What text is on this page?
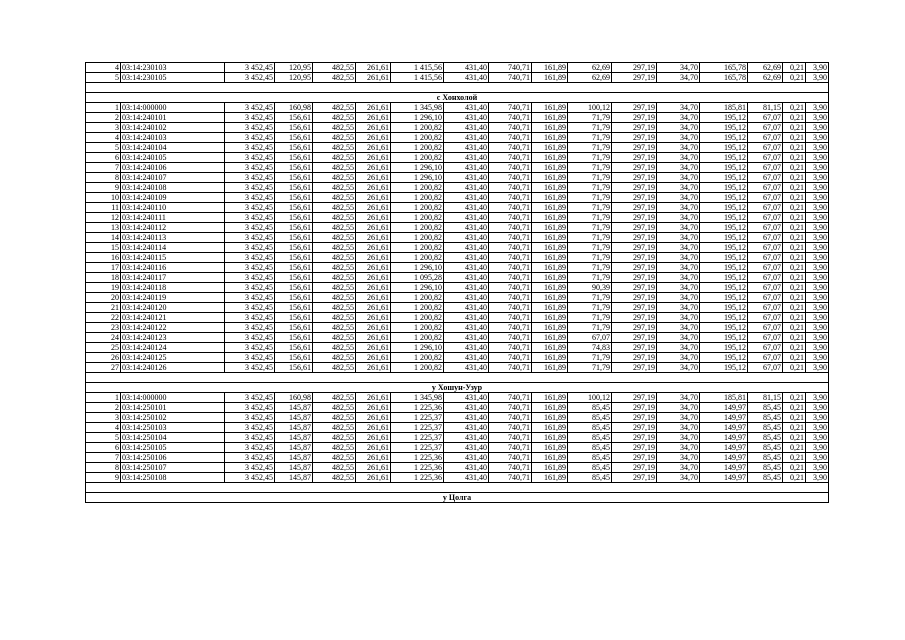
4	03:14:230103	3 452,45	120,95	482,55	261,61	1 415,56	431,40	740,71	161,89	62,69	297,19	34,70	165,78	62,69	0,21	3,90
5	03:14:230105	3 452,45	120,95	482,55	261,61	1 415,56	431,40	740,71	161,89	62,69	297,19	34,70	165,78	62,69	0,21	3,90

с Хонхолой																
1	03:14:000000	3 452,45	160,98	482,55	261,61	1 345,98	431,40	740,71	161,89	100,12	297,19	34,70	185,81	81,15	0,21	3,90
2	03:14:240101	3 452,45	156,61	482,55	261,61	1 296,10	431,40	740,71	161,89	71,79	297,19	34,70	195,12	67,07	0,21	3,90
3	03:14:240102	3 452,45	156,61	482,55	261,61	1 200,82	431,40	740,71	161,89	71,79	297,19	34,70	195,12	67,07	0,21	3,90
4	03:14:240103	3 452,45	156,61	482,55	261,61	1 200,82	431,40	740,71	161,89	71,79	297,19	34,70	195,12	67,07	0,21	3,90
5	03:14:240104	3 452,45	156,61	482,55	261,61	1 200,82	431,40	740,71	161,89	71,79	297,19	34,70	195,12	67,07	0,21	3,90
6	03:14:240105	3 452,45	156,61	482,55	261,61	1 200,82	431,40	740,71	161,89	71,79	297,19	34,70	195,12	67,07	0,21	3,90
7	03:14:240106	3 452,45	156,61	482,55	261,61	1 296,10	431,40	740,71	161,89	71,79	297,19	34,70	195,12	67,07	0,21	3,90
8	03:14:240107	3 452,45	156,61	482,55	261,61	1 296,10	431,40	740,71	161,89	71,79	297,19	34,70	195,12	67,07	0,21	3,90
9	03:14:240108	3 452,45	156,61	482,55	261,61	1 200,82	431,40	740,71	161,89	71,79	297,19	34,70	195,12	67,07	0,21	3,90
10	03:14:240109	3 452,45	156,61	482,55	261,61	1 200,82	431,40	740,71	161,89	71,79	297,19	34,70	195,12	67,07	0,21	3,90
11	03:14:240110	3 452,45	156,61	482,55	261,61	1 200,82	431,40	740,71	161,89	71,79	297,19	34,70	195,12	67,07	0,21	3,90
12	03:14:240111	3 452,45	156,61	482,55	261,61	1 200,82	431,40	740,71	161,89	71,79	297,19	34,70	195,12	67,07	0,21	3,90
13	03:14:240112	3 452,45	156,61	482,55	261,61	1 200,82	431,40	740,71	161,89	71,79	297,19	34,70	195,12	67,07	0,21	3,90
14	03:14:240113	3 452,45	156,61	482,55	261,61	1 200,82	431,40	740,71	161,89	71,79	297,19	34,70	195,12	67,07	0,21	3,90
15	03:14:240114	3 452,45	156,61	482,55	261,61	1 200,82	431,40	740,71	161,89	71,79	297,19	34,70	195,12	67,07	0,21	3,90
16	03:14:240115	3 452,45	156,61	482,55	261,61	1 200,82	431,40	740,71	161,89	71,79	297,19	34,70	195,12	67,07	0,21	3,90
17	03:14:240116	3 452,45	156,61	482,55	261,61	1 296,10	431,40	740,71	161,89	71,79	297,19	34,70	195,12	67,07	0,21	3,90
18	03:14:240117	3 452,45	156,61	482,55	261,61	1 095,28	431,40	740,71	161,89	71,79	297,19	34,70	195,12	67,07	0,21	3,90
19	03:14:240118	3 452,45	156,61	482,55	261,61	1 296,10	431,40	740,71	161,89	90,39	297,19	34,70	195,12	67,07	0,21	3,90
20	03:14:240119	3 452,45	156,61	482,55	261,61	1 200,82	431,40	740,71	161,89	71,79	297,19	34,70	195,12	67,07	0,21	3,90
21	03:14:240120	3 452,45	156,61	482,55	261,61	1 200,82	431,40	740,71	161,89	71,79	297,19	34,70	195,12	67,07	0,21	3,90
22	03:14:240121	3 452,45	156,61	482,55	261,61	1 200,82	431,40	740,71	161,89	71,79	297,19	34,70	195,12	67,07	0,21	3,90
23	03:14:240122	3 452,45	156,61	482,55	261,61	1 200,82	431,40	740,71	161,89	71,79	297,19	34,70	195,12	67,07	0,21	3,90
24	03:14:240123	3 452,45	156,61	482,55	261,61	1 200,82	431,40	740,71	161,89	67,07	297,19	34,70	195,12	67,07	0,21	3,90
25	03:14:240124	3 452,45	156,61	482,55	261,61	1 296,10	431,40	740,71	161,89	74,83	297,19	34,70	195,12	67,07	0,21	3,90
26	03:14:240125	3 452,45	156,61	482,55	261,61	1 200,82	431,40	740,71	161,89	71,79	297,19	34,70	195,12	67,07	0,21	3,90
27	03:14:240126	3 452,45	156,61	482,55	261,61	1 200,82	431,40	740,71	161,89	71,79	297,19	34,70	195,12	67,07	0,21	3,90

у Хошун-Узур																
1	03:14:000000	3 452,45	160,98	482,55	261,61	1 345,98	431,40	740,71	161,89	100,12	297,19	34,70	185,81	81,15	0,21	3,90
2	03:14:250101	3 452,45	145,87	482,55	261,61	1 225,36	431,40	740,71	161,89	85,45	297,19	34,70	149,97	85,45	0,21	3,90
3	03:14:250102	3 452,45	145,87	482,55	261,61	1 225,37	431,40	740,71	161,89	85,45	297,19	34,70	149,97	85,45	0,21	3,90
4	03:14:250103	3 452,45	145,87	482,55	261,61	1 225,37	431,40	740,71	161,89	85,45	297,19	34,70	149,97	85,45	0,21	3,90
5	03:14:250104	3 452,45	145,87	482,55	261,61	1 225,37	431,40	740,71	161,89	85,45	297,19	34,70	149,97	85,45	0,21	3,90
6	03:14:250105	3 452,45	145,87	482,55	261,61	1 225,37	431,40	740,71	161,89	85,45	297,19	34,70	149,97	85,45	0,21	3,90
7	03:14:250106	3 452,45	145,87	482,55	261,61	1 225,36	431,40	740,71	161,89	85,45	297,19	34,70	149,97	85,45	0,21	3,90
8	03:14:250107	3 452,45	145,87	482,55	261,61	1 225,36	431,40	740,71	161,89	85,45	297,19	34,70	149,97	85,45	0,21	3,90
9	03:14:250108	3 452,45	145,87	482,55	261,61	1 225,36	431,40	740,71	161,89	85,45	297,19	34,70	149,97	85,45	0,21	3,90

у Цолга																
